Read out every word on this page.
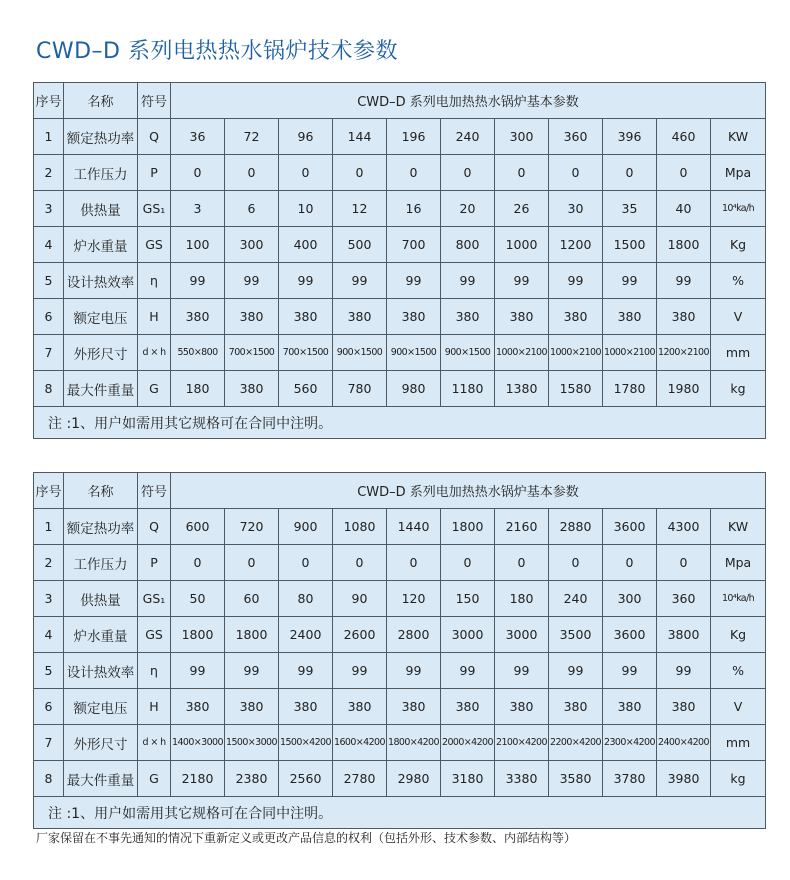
CWD–D 系列电热热水锅炉技术参数
序号	名称	符号	CWD–D 系列电加热热水锅炉基本参数										
1	额定热功率	Q	36	72	96	144	196	240	300	360	396	460	KW
2	工作压力	P	0	0	0	0	0	0	0	0	0	0	Mpa
3	供热量	GS₁	3	6	10	12	16	20	26	30	35	40	10⁴ka/h
4	炉水重量	GS	100	300	400	500	700	800	1000	1200	1500	1800	Kg
5	设计热效率	η	99	99	99	99	99	99	99	99	99	99	%
6	额定电压	H	380	380	380	380	380	380	380	380	380	380	V
7	外形尺寸	d × h	550×800	700×1500	700×1500	900×1500	900×1500	900×1500	1000×2100	1000×2100	1000×2100	1200×2100	mm
8	最大件重量	G	180	380	560	780	980	1180	1380	1580	1780	1980	kg
注 :1、用户如需用其它规格可在合同中注明。													
序号	名称	符号	CWD–D 系列电加热热水锅炉基本参数										
1	额定热功率	Q	600	720	900	1080	1440	1800	2160	2880	3600	4300	KW
2	工作压力	P	0	0	0	0	0	0	0	0	0	0	Mpa
3	供热量	GS₁	50	60	80	90	120	150	180	240	300	360	10⁴ka/h
4	炉水重量	GS	1800	1800	2400	2600	2800	3000	3000	3500	3600	3800	Kg
5	设计热效率	η	99	99	99	99	99	99	99	99	99	99	%
6	额定电压	H	380	380	380	380	380	380	380	380	380	380	V
7	外形尺寸	d × h	1400×3000	1500×3000	1500×4200	1600×4200	1800×4200	2000×4200	2100×4200	2200×4200	2300×4200	2400×4200	mm
8	最大件重量	G	2180	2380	2560	2780	2980	3180	3380	3580	3780	3980	kg
注 :1、用户如需用其它规格可在合同中注明。													
厂家保留在不事先通知的情况下重新定义或更改产品信息的权利（包括外形、技术参数、内部结构等）
